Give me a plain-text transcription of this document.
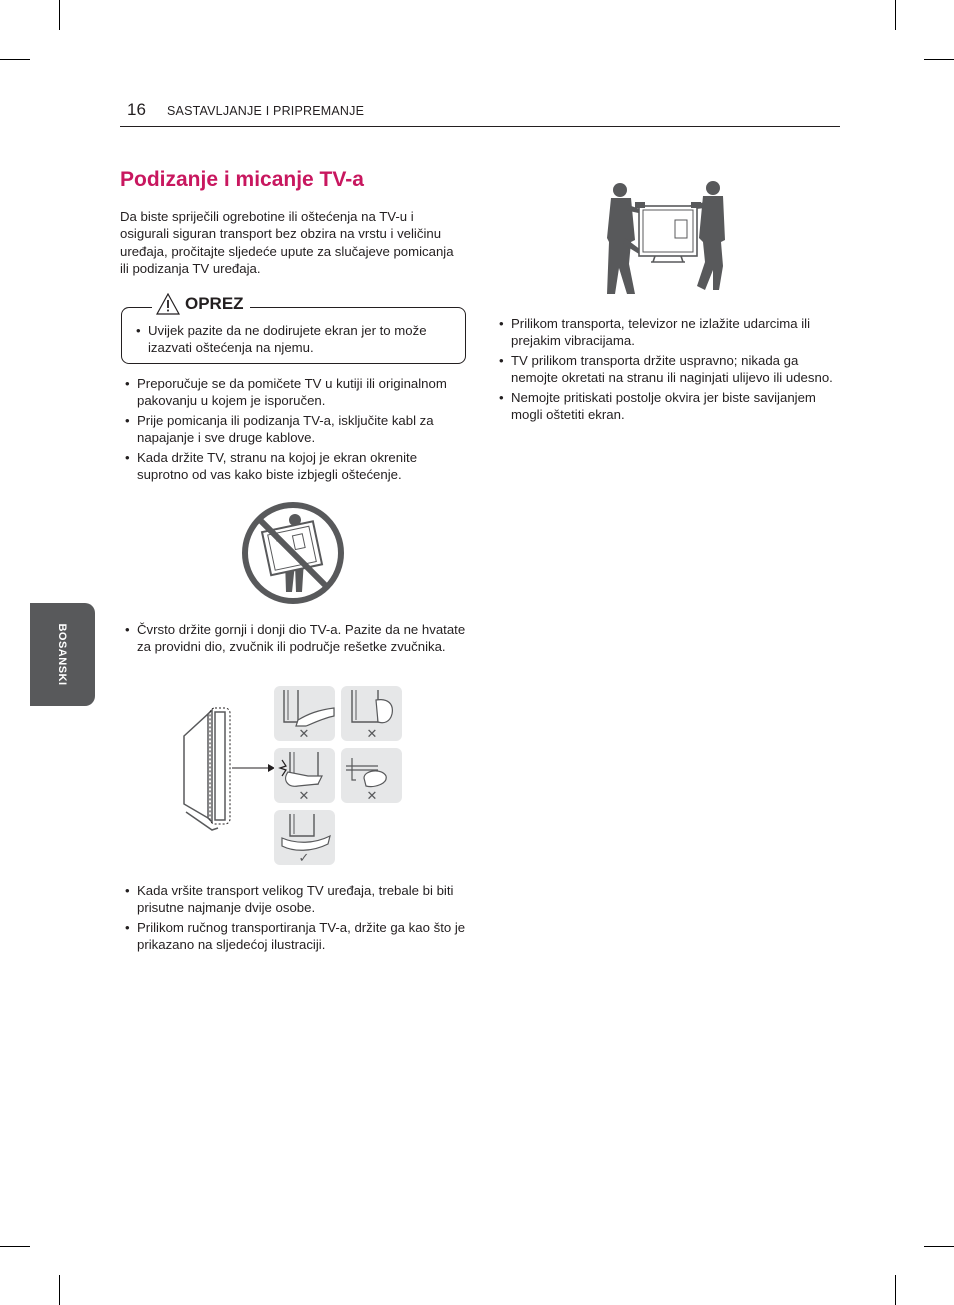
16 SASTAVLJANJE I PRIPREMANJE
Podizanje i micanje TV-a

Da biste spriječili ogrebotine ili oštećenja na TV-u i osigurali siguran transport bez obzira na vrstu i veličinu uređaja, pročitajte sljedeće upute za slučajeve pomicanja ili podizanja TV uređaja.

OPREZ
• Uvijek pazite da ne dodirujete ekran jer to može izazvati oštećenja na njemu.
• Preporučuje se da pomičete TV u kutiji ili originalnom pakovanju u kojem je isporučen.
• Prije pomicanja ili podizanja TV-a, isključite kabl za napajanje i sve druge kablove.
• Kada držite TV, stranu na kojoj je ekran okrenite suprotno od vas kako biste izbjegli oštećenje.
• Čvrsto držite gornji i donji dio TV-a. Pazite da ne hvatate za providni dio, zvučnik ili područje rešetke zvučnika.
✕	✕
✕	✕
✓
• Kada vršite transport velikog TV uređaja, trebale bi biti prisutne najmanje dvije osobe.
• Prilikom ručnog transportiranja TV-a, držite ga kao što je prikazano na sljedećoj ilustraciji.
• Prilikom transporta, televizor ne izlažite udarcima ili prejakim vibracijama.
• TV prilikom transporta držite uspravno; nikada ga nemojte okretati na stranu ili naginjati ulijevo ili udesno.
• Nemojte pritiskati postolje okvira jer biste savijanjem mogli oštetiti ekran.
BOSANSKI
